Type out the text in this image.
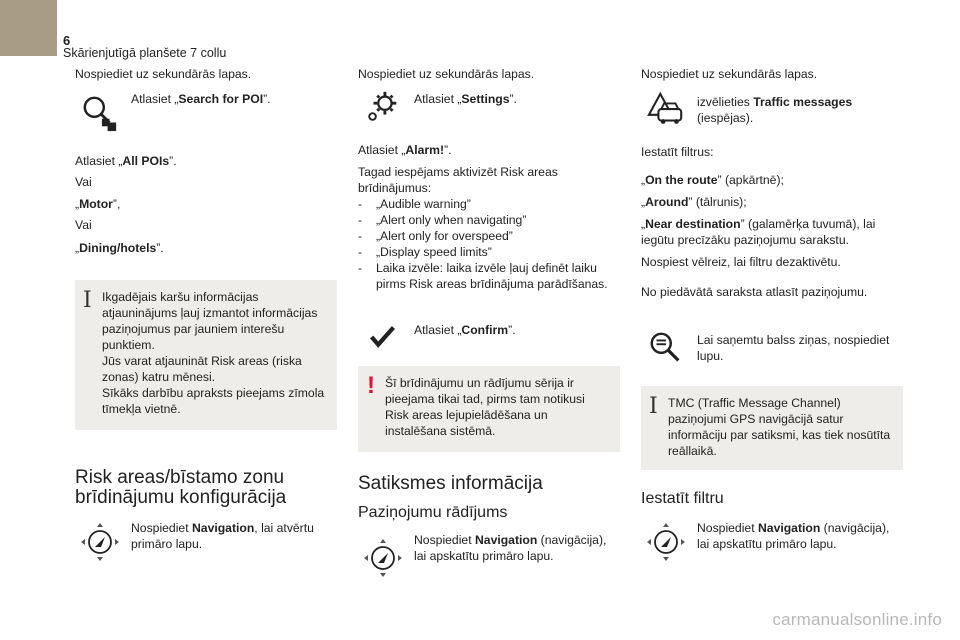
6
Skārienjutīgā planšete 7 collu
Nospiediet uz sekundārās lapas.
Atlasiet „Search for POI”.
Atlasiet „All POIs”.
Vai
„Motor”,
Vai
„Dining/hotels”.
I Ikgadējais karšu informācijas atjauninājums ļauj izmantot informācijas paziņojumus par jauniem interešu punktiem.
Jūs varat atjaunināt Risk areas (riska zonas) katru mēnesi.
Sīkāks darbību apraksts pieejams zīmola tīmekļa vietnē.
Risk areas/bīstamo zonu
brīdinājumu konfigurācija
Nospiediet Navigation, lai atvērtu primāro lapu.
Nospiediet uz sekundārās lapas.
Atlasiet „Settings”.
Atlasiet „Alarm!”.
Tagad iespējams aktivizēt Risk areas brīdinājumus:
-	„Audible warning”
-	„Alert only when navigating”
-	„Alert only for overspeed”
-	„Display speed limits”
-	Laika izvēle: laika izvēle ļauj definēt laiku pirms Risk areas brīdinājuma parādīšanas.
Atlasiet „Confirm”.
! Šī brīdinājumu un rādījumu sērija ir pieejama tikai tad, pirms tam notikusi Risk areas lejupielādēšana un instalēšana sistēmā.
Satiksmes informācija
Paziņojumu rādījums
Nospiediet Navigation (navigācija), lai apskatītu primāro lapu.
Nospiediet uz sekundārās lapas.
izvēlieties Traffic messages (iespējas).
Iestatīt filtrus:
„On the route” (apkārtnē);
„Around” (tālrunis);
„Near destination” (galamērķa tuvumā), lai iegūtu precīzāku paziņojumu sarakstu.
Nospiest vēlreiz, lai filtru dezaktivētu.
No piedāvātā saraksta atlasīt paziņojumu.
Lai saņemtu balss ziņas, nospiediet lupu.
I TMC (Traffic Message Channel) paziņojumi GPS navigācijā satur informāciju par satiksmi, kas tiek nosūtīta reāllaikā.
Iestatīt filtru
Nospiediet Navigation (navigācija), lai apskatītu primāro lapu.
carmanualsonline.info
